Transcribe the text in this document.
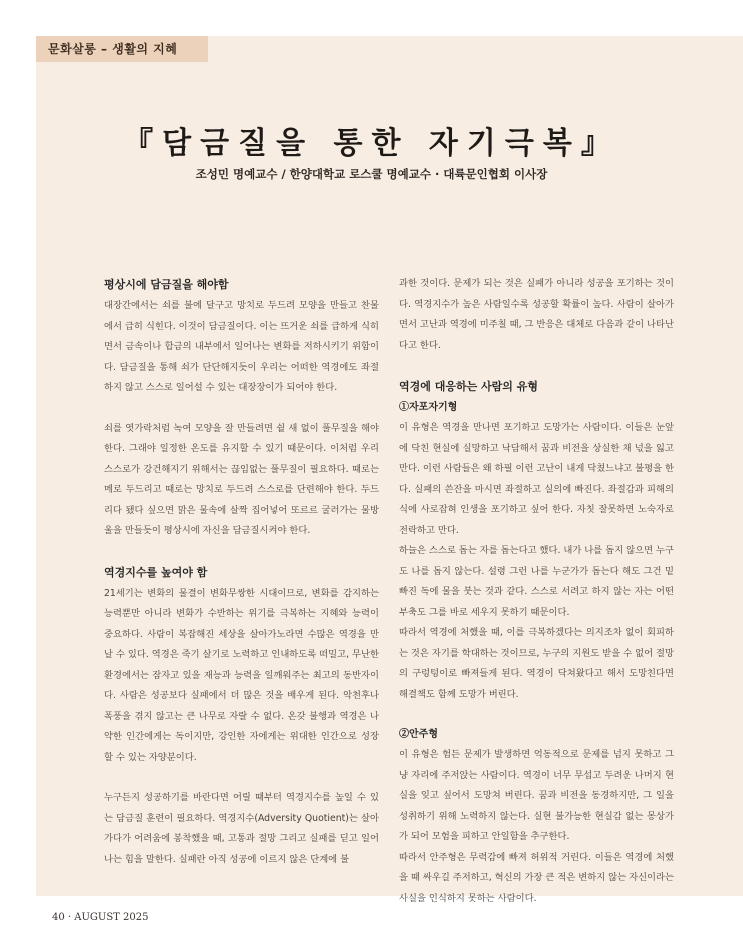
문화살롱 – 생활의 지혜
『담금질을 통한 자기극복』
조성민 명예교수 / 한양대학교 로스쿨 명예교수 · 대륙문인협회 이사장
평상시에 담금질을 해야함

대장간에서는 쇠를 불에 달구고 망치로 두드려 모양을 만들고 찬물에서 급히 식힌다. 이것이 담금질이다. 이는 뜨거운 쇠를 급하게 식히면서 금속이나 합금의 내부에서 일어나는 변화를 저하시키기 위함이다. 담금질을 통해 쇠가 단단해지듯이 우리는 어떠한 역경에도 좌절하지 않고 스스로 일어설 수 있는 대장장이가 되어야 한다.

쇠를 엿가락처럼 녹여 모양을 잘 만들려면 쉴 새 없이 풀무질을 해야 한다. 그래야 일정한 온도를 유지할 수 있기 때문이다. 이처럼 우리 스스로가 강건해지기 위해서는 끊임없는 풀무질이 필요하다. 때로는 메로 두드리고 때로는 망치로 두드려 스스로를 단련해야 한다. 두드리다 됐다 싶으면 맑은 물속에 살짝 집어넣어 또르르 굴러가는 물방울을 만들듯이 평상시에 자신을 담금질시켜야 한다.

역경지수를 높여야 함

21세기는 변화의 물결이 변화무쌍한 시대이므로, 변화를 감지하는 능력뿐만 아니라 변화가 수반하는 위기를 극복하는 지혜와 능력이 중요하다. 사람이 복잡해진 세상을 살아가노라면 수많은 역경을 만날 수 있다. 역경은 죽기 살기로 노력하고 인내하도록 떠밀고, 무난한 환경에서는 잠자고 있을 재능과 능력을 일깨워주는 최고의 동반자이다. 사람은 성공보다 실패에서 더 많은 것을 배우게 된다. 악천후나 폭풍을 겪지 않고는 큰 나무로 자랄 수 없다. 온갖 불행과 역경은 나약한 인간에게는 독이지만, 강인한 자에게는 위대한 인간으로 성장할 수 있는 자양분이다.

누구든지 성공하기를 바란다면 어릴 때부터 역경지수를 높일 수 있는 담금질 훈련이 필요하다. 역경지수(Adversity Quotient)는 살아가다가 어려움에 봉착했을 때, 고통과 절망 그리고 실패를 딛고 일어나는 힘을 말한다. 실패란 아직 성공에 이르지 않은 단계에 불

과한 것이다. 문제가 되는 것은 실패가 아니라 성공을 포기하는 것이다. 역경지수가 높은 사람일수록 성공할 확률이 높다. 사람이 살아가면서 고난과 역경에 미주칠 때, 그 반응은 대체로 다음과 같이 나타난다고 한다.

역경에 대응하는 사람의 유형
①자포자기형

이 유형은 역경을 만나면 포기하고 도망가는 사람이다. 이들은 눈앞에 닥친 현실에 실망하고 낙담해서 꿈과 비전을 상실한 채 넋을 잃고 만다. 이런 사람들은 왜 하필 이런 고난이 내게 닥쳤느냐고 불평을 한다. 실패의 쓴잔을 마시면 좌절하고 실의에 빠진다. 좌절감과 피해의식에 사로잡혀 인생을 포기하고 싶어 한다. 자칫 잘못하면 노숙자로 전락하고 만다.

하늘은 스스로 돕는 자를 돕는다고 했다. 내가 나를 돕지 않으면 누구도 나를 돕지 않는다. 설령 그런 나를 누군가가 돕는다 해도 그건 밑 빠진 독에 물을 붓는 것과 같다. 스스로 서려고 하지 않는 자는 어떤 부축도 그를 바로 세우지 못하기 때문이다.

따라서 역경에 처했을 때, 이를 극복하겠다는 의지조차 없이 회피하는 것은 자기를 학대하는 것이므로, 누구의 지원도 받을 수 없어 절망의 구렁텅이로 빠져들게 된다. 역경이 닥쳐왔다고 해서 도망친다면 해결책도 함께 도망가 버린다.

②안주형

이 유형은 험든 문제가 발생하면 억동적으로 문제를 넘지 못하고 그냥 자리에 주저앉는 사람이다. 역경이 너무 무섭고 두려운 나머지 현실을 잊고 싶어서 도망쳐 버린다. 꿈과 비전을 동경하지만, 그 일을 성취하기 위해 노력하지 않는다. 실현 불가능한 현실감 없는 몽상가가 되어 모험을 피하고 안일함을 추구한다.

따라서 안주형은 무력감에 빠져 허위적 거린다. 이들은 역경에 처했을 때 싸우길 주저하고, 혁신의 가장 큰 적은 변하지 않는 자신이라는 사실을 인식하지 못하는 사람이다.

40 · AUGUST 2025
